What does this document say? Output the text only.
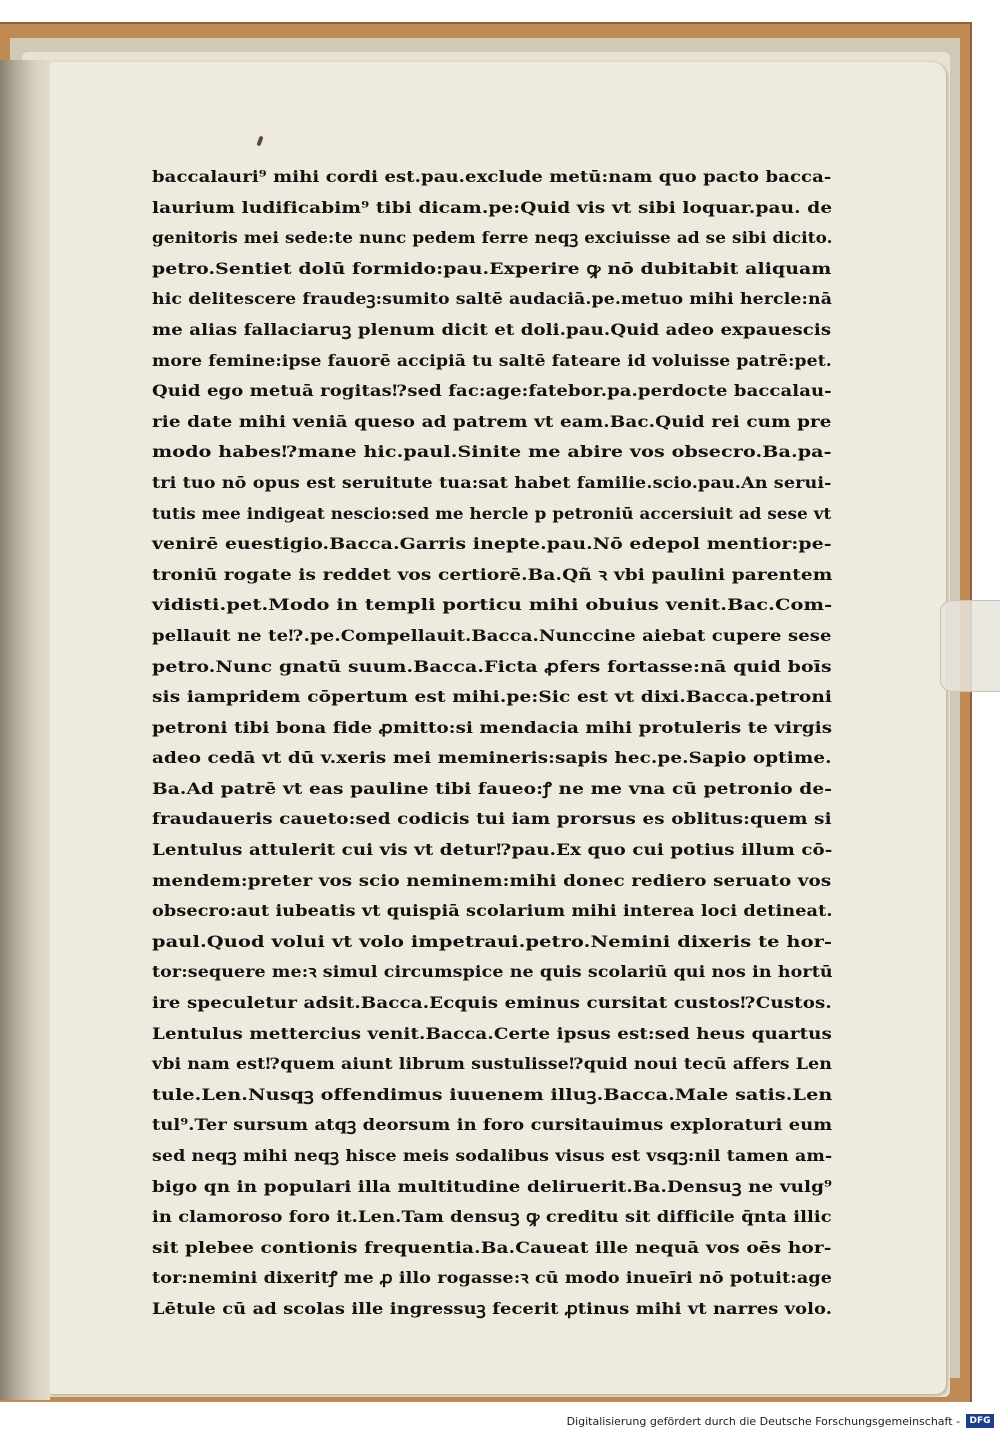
baccalauri⁹ mihi cordi est.pau.exclude metū:nam quo pacto bacca-
laurium ludificabim⁹ tibi dicam.pe:Quid vis vt sibi loquar.pau. de
genitoris mei sede:te nunc pedem ferre neqꝫ exciuisse ad se sibi dicito.
petro.Sentiet dolū formido:pau.Experire ꝙ nō dubitabit aliquam
hic delitescere fraudeꝫ:sumito saltē audaciā.pe.metuo mihi hercle:nā
me alias fallaciaruꝫ plenum dicit et doli.pau.Quid adeo expauescis
more femine:ipse fauorē accipiā tu saltē fateare id voluisse patrē:pet.
Quid ego metuā rogitas⁉sed fac:age:fatebor.pa.perdocte baccalau-
rie date mihi veniā queso ad patrem vt eam.Bac.Quid rei cum pre
modo habes⁉mane hic.paul.Sinite me abire vos obsecro.Ba.pa-
tri tuo nō opus est seruitute tua:sat habet familie.scio.pau.An serui-
tutis mee indigeat nescio:sed me hercle p petroniū accersiuit ad sese vt
venirē euestigio.Bacca.Garris inepte.pau.Nō edepol mentior:pe-
troniū rogate is reddet vos certiorē.Ba.Qñ ꝛ vbi paulini parentem
vidisti.pet.Modo in templi porticu mihi obuius venit.Bac.Com-
pellauit ne te⁉.pe.Compellauit.Bacca.Nunccine aiebat cupere sese
petro.Nunc gnatū suum.Bacca.Ficta ꝓfers fortasse:nā quid boīs
sis iampridem cōpertum est mihi.pe:Sic est vt dixi.Bacca.petroni
petroni tibi bona fide ꝓmitto:si mendacia mihi protuleris te virgis
adeo cedā vt dū v.xeris mei memineris:sapis hec.pe.Sapio optime.
Ba.Ad patrē vt eas pauline tibi faueo:ꝭ ne me vna cū petronio de-
fraudaueris caueto:sed codicis tui iam prorsus es oblitus:quem si
Lentulus attulerit cui vis vt detur⁉pau.Ex quo cui potius illum cō-
mendem:preter vos scio neminem:mihi donec rediero seruato vos
obsecro:aut iubeatis vt quispiā scolarium mihi interea loci detineat.
paul.Quod volui vt volo impetraui.petro.Nemini dixeris te hor-
tor:sequere me:ꝛ simul circumspice ne quis scolariū qui nos in hortū
ire speculetur adsit.Bacca.Ecquis eminus cursitat custos⁉Custos.
Lentulus mettercius venit.Bacca.Certe ipsus est:sed heus quartus
vbi nam est⁉quem aiunt librum sustulisse⁉quid noui tecū affers Len
tule.Len.Nusqꝫ offendimus iuuenem illuꝫ.Bacca.Male satis.Len
tul⁹.Ter sursum atqꝫ deorsum in foro cursitauimus exploraturi eum
sed neqꝫ mihi neqꝫ hisce meis sodalibus visus est vsqꝫ:nil tamen am-
bigo qn in populari illa multitudine deliruerit.Ba.Densuꝫ ne vulg⁹
in clamoroso foro it.Len.Tam densuꝫ ꝙ creditu sit difficile q̄nta illic
sit plebee contionis frequentia.Ba.Caueat ille nequā vos oēs hor-
tor:nemini dixeritꝭ me ꝓ illo rogasse:ꝛ cū modo inueīri nō potuit:age
Lētule cū ad scolas ille ingressuꝫ fecerit ꝓtinus mihi vt narres volo.
Digitalisierung gefördert durch die Deutsche Forschungsgemeinschaft -	DFG
